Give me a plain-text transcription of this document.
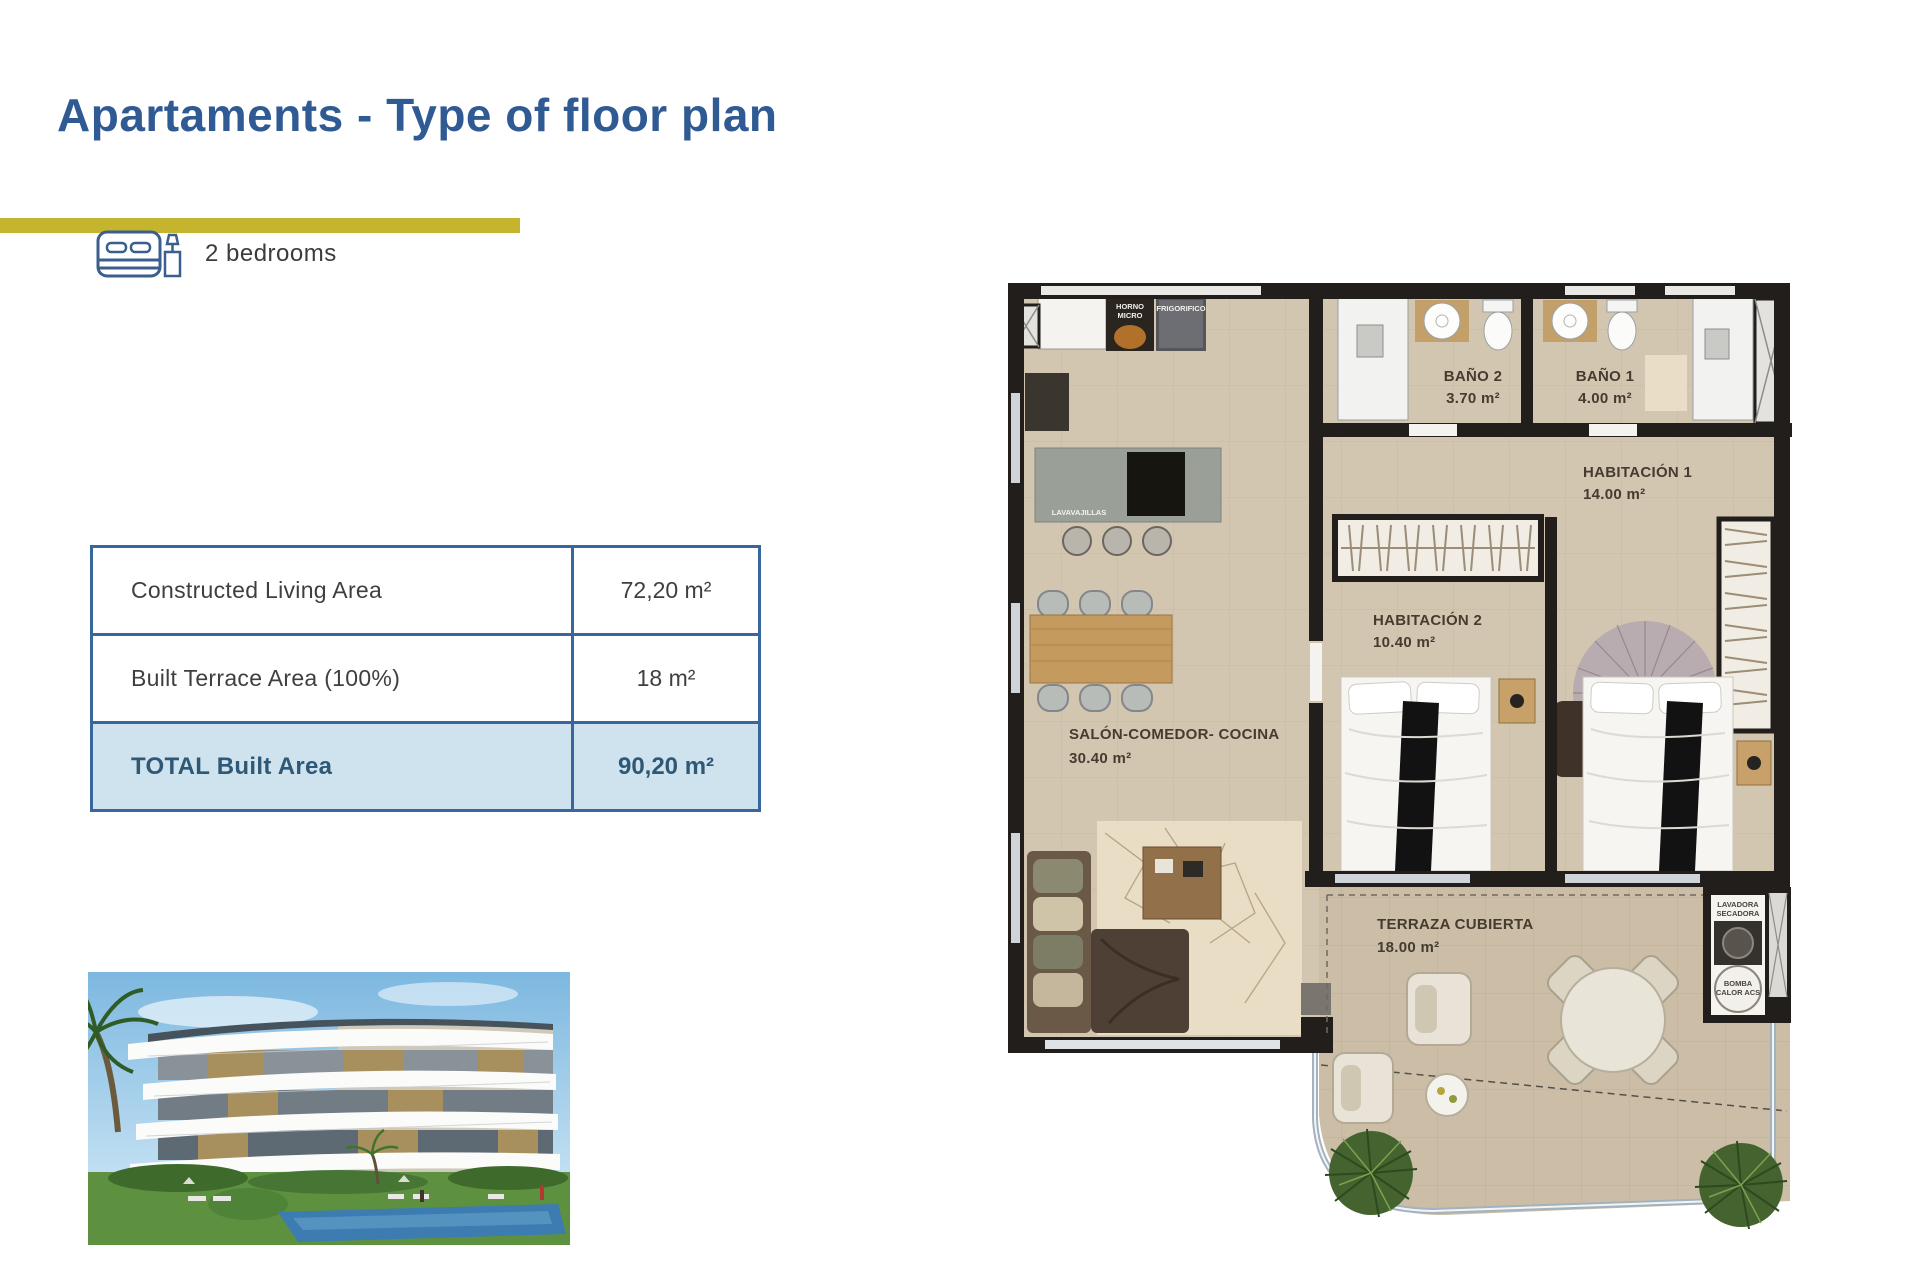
Apartaments - Type of floor plan
2 bedrooms
Constructed Living Area	72,20 m²
Built Terrace Area (100%)	18 m²
TOTAL Built Area	90,20 m²
HORNO
MICRO
FRIGORIFICO
LAVAVAJILLAS
LAVADORA
SECADORA
BOMBA
CALOR ACS
BAÑO 2
3.70 m²
BAÑO 1
4.00 m²
HABITACIÓN 1
14.00 m²
HABITACIÓN 2
10.40 m²
SALÓN-COMEDOR- COCINA
30.40 m²
TERRAZA CUBIERTA
18.00 m²
